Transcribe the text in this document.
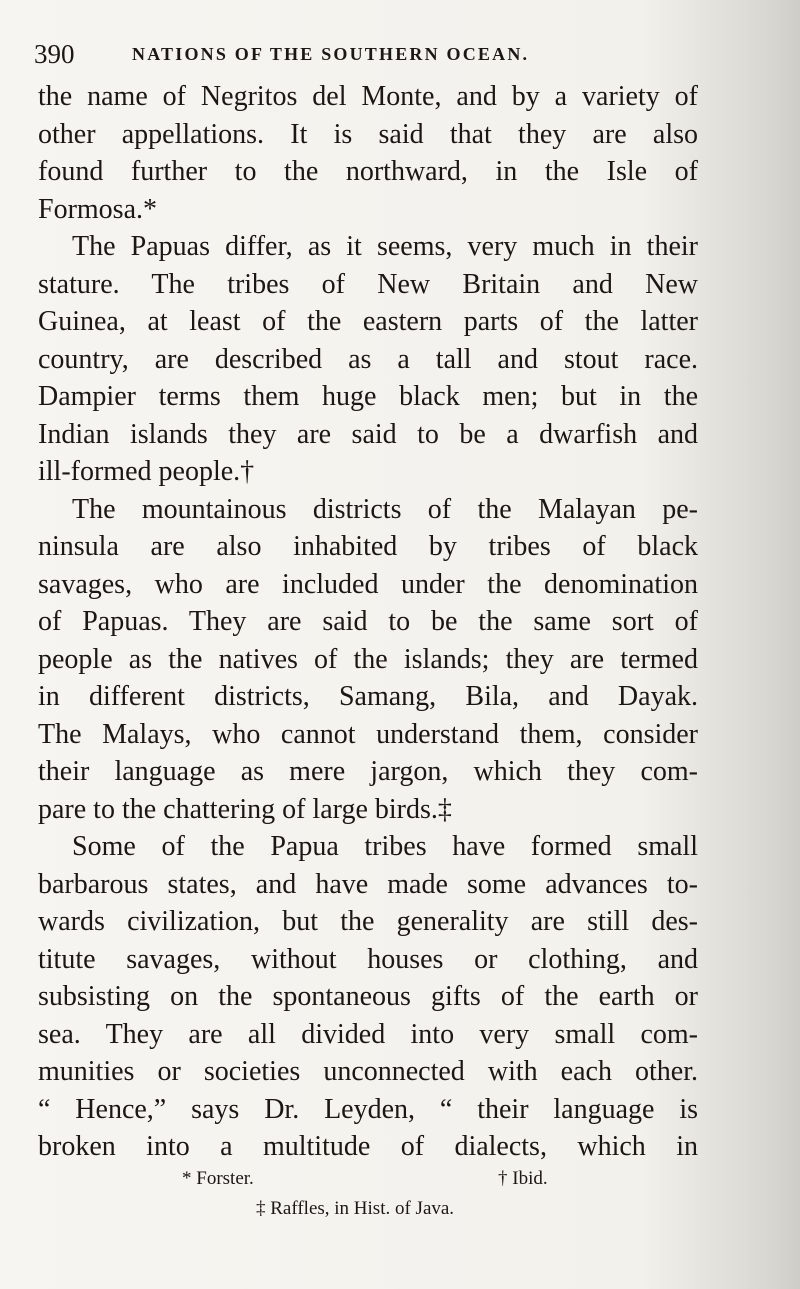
390	NATIONS OF THE SOUTHERN OCEAN.

the name of Negritos del Monte, and by a variety of
other appellations. It is said that they are also
found further to the northward, in the Isle of
Formosa.*

The Papuas differ, as it seems, very much in their
stature. The tribes of New Britain and New
Guinea, at least of the eastern parts of the latter
country, are described as a tall and stout race.
Dampier terms them huge black men; but in the
Indian islands they are said to be a dwarfish and
ill-formed people.†

The mountainous districts of the Malayan pe-
ninsula are also inhabited by tribes of black
savages, who are included under the denomination
of Papuas. They are said to be the same sort of
people as the natives of the islands; they are termed
in different districts, Samang, Bila, and Dayak.
The Malays, who cannot understand them, consider
their language as mere jargon, which they com-
pare to the chattering of large birds.‡

Some of the Papua tribes have formed small
barbarous states, and have made some advances to-
wards civilization, but the generality are still des-
titute savages, without houses or clothing, and
subsisting on the spontaneous gifts of the earth or
sea. They are all divided into very small com-
munities or societies unconnected with each other.
“ Hence,” says Dr. Leyden, “ their language is
broken into a multitude of dialects, which in

* Forster.	† Ibid.
‡ Raffles, in Hist. of Java.
